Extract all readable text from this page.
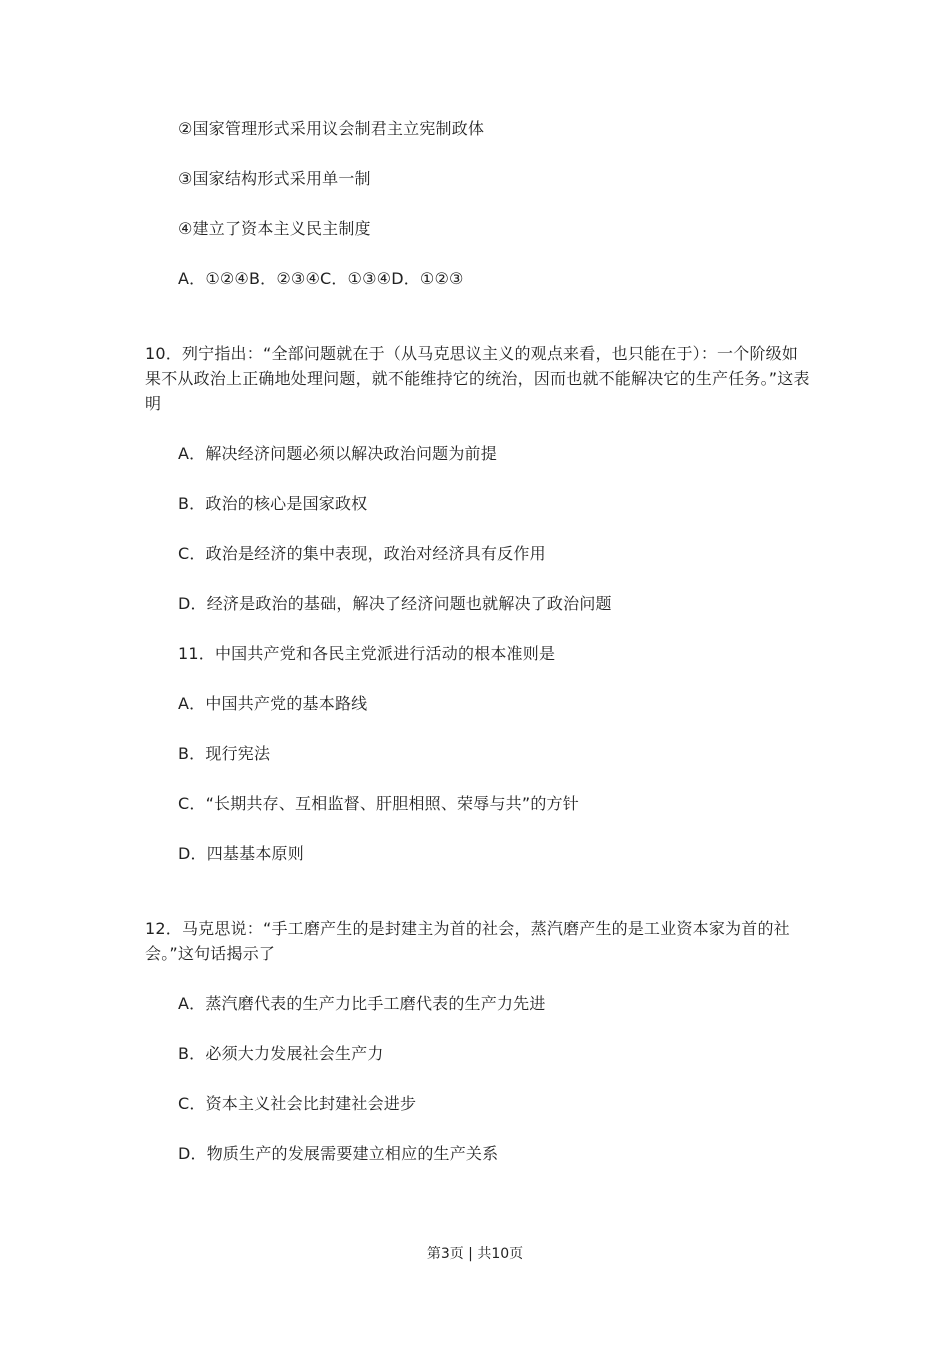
②国家管理形式采用议会制君主立宪制政体
③国家结构形式采用单一制
④建立了资本主义民主制度
A．①②④B．②③④C．①③④D．①②③
10．列宁指出：“全部问题就在于（从马克思议主义的观点来看，也只能在于）：一个阶级如果不从政治上正确地处理问题，就不能维持它的统治，因而也就不能解决它的生产任务。”这表明
A．解决经济问题必须以解决政治问题为前提
B．政治的核心是国家政权
C．政治是经济的集中表现，政治对经济具有反作用
D．经济是政治的基础，解决了经济问题也就解决了政治问题
11．中国共产党和各民主党派进行活动的根本准则是
A．中国共产党的基本路线
B．现行宪法
C．“长期共存、互相监督、肝胆相照、荣辱与共”的方针
D．四基基本原则
12．马克思说：“手工磨产生的是封建主为首的社会，蒸汽磨产生的是工业资本家为首的社会。”这句话揭示了
A．蒸汽磨代表的生产力比手工磨代表的生产力先进
B．必须大力发展社会生产力
C．资本主义社会比封建社会进步
D．物质生产的发展需要建立相应的生产关系
第3页 | 共10页
